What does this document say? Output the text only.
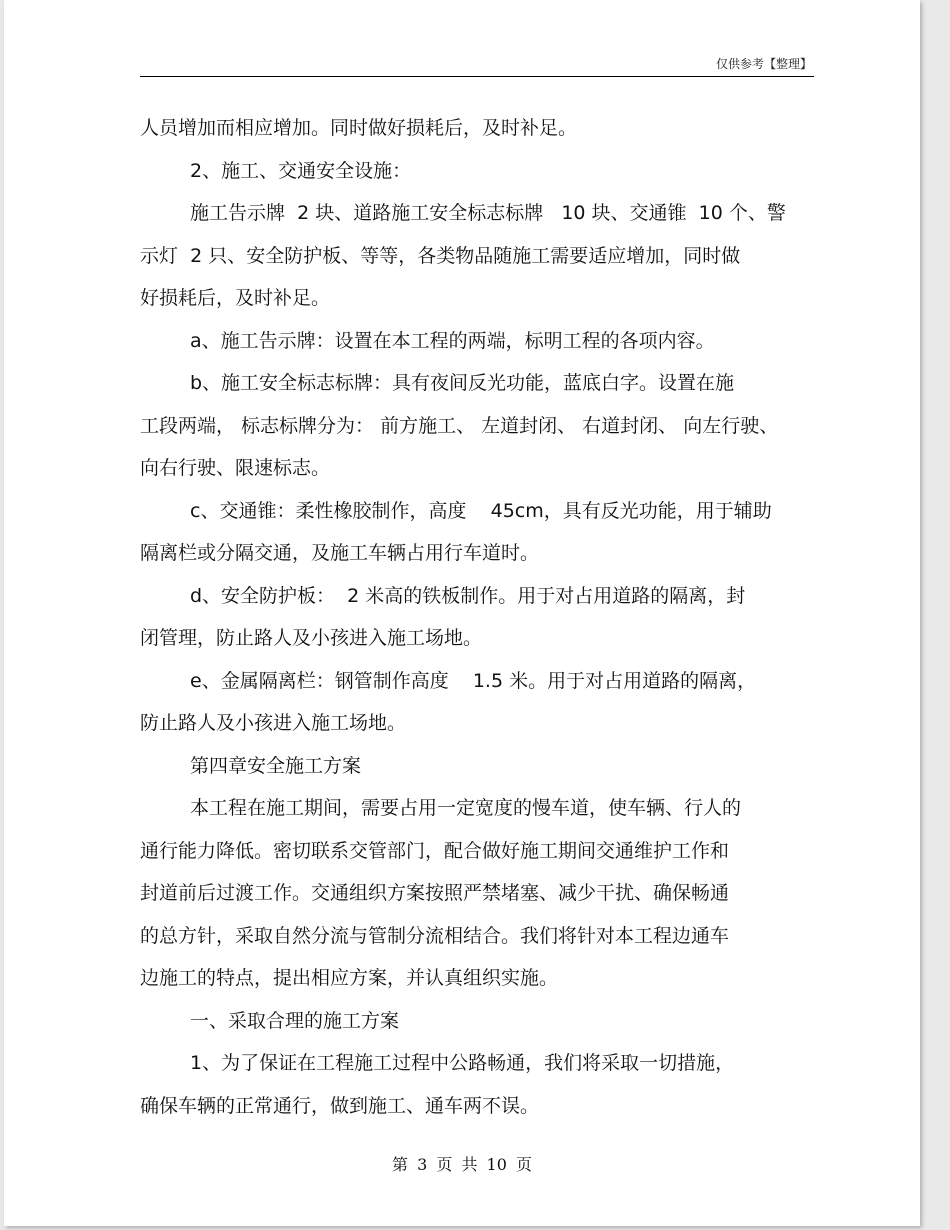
仅供参考【整理】
人员增加而相应增加。同时做好损耗后，及时补足。
2、施工、交通安全设施：
施工告示牌  2 块、道路施工安全标志标牌   10 块、交通锥  10 个、警
示灯  2 只、安全防护板、等等，各类物品随施工需要适应增加，同时做
好损耗后，及时补足。
a、施工告示牌：设置在本工程的两端，标明工程的各项内容。
b、施工安全标志标牌：具有夜间反光功能，蓝底白字。设置在施
工段两端， 标志标牌分为： 前方施工、 左道封闭、 右道封闭、 向左行驶、
向右行驶、限速标志。
c、交通锥：柔性橡胶制作，高度    45cm，具有反光功能，用于辅助
隔离栏或分隔交通，及施工车辆占用行车道时。
d、安全防护板：  2 米高的铁板制作。用于对占用道路的隔离，封
闭管理，防止路人及小孩进入施工场地。
e、金属隔离栏：钢管制作高度    1.5 米。用于对占用道路的隔离，
防止路人及小孩进入施工场地。
第四章安全施工方案
本工程在施工期间，需要占用一定宽度的慢车道，使车辆、行人的
通行能力降低。密切联系交管部门，配合做好施工期间交通维护工作和
封道前后过渡工作。交通组织方案按照严禁堵塞、减少干扰、确保畅通
的总方针，采取自然分流与管制分流相结合。我们将针对本工程边通车
边施工的特点，提出相应方案，并认真组织实施。
一、采取合理的施工方案
1、为了保证在工程施工过程中公路畅通，我们将采取一切措施，
确保车辆的正常通行，做到施工、通车两不误。
第 3 页 共 10 页
